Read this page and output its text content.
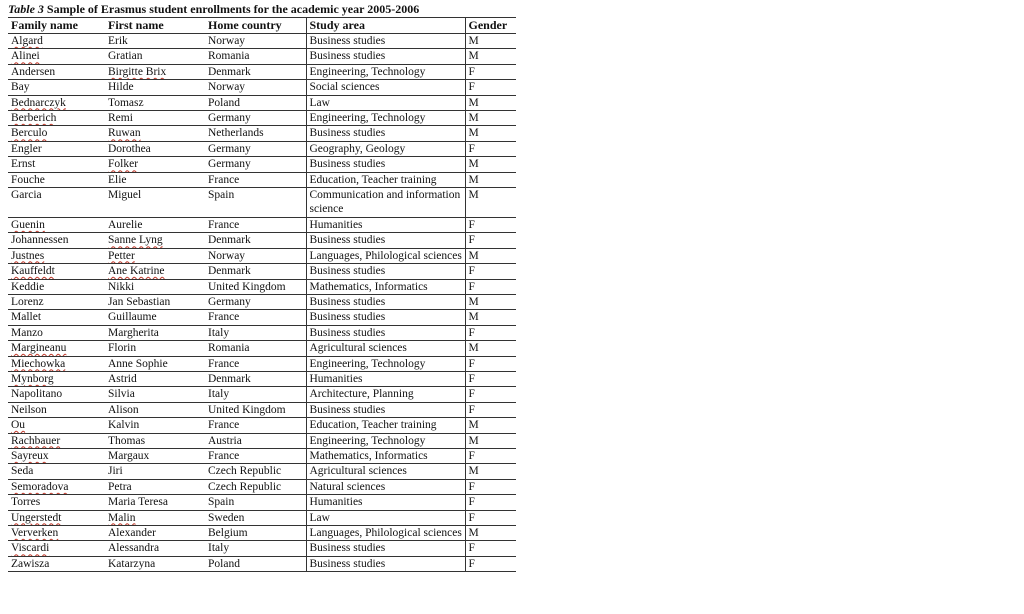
Table 3 Sample of Erasmus student enrollments for the academic year 2005-2006
Family name	First name	Home country	Study area	Gender
Algard	Erik	Norway	Business studies	M
Alinei	Gratian	Romania	Business studies	M
Andersen	Birgitte Brix	Denmark	Engineering, Technology	F
Bay	Hilde	Norway	Social sciences	F
Bednarczyk	Tomasz	Poland	Law	M
Berberich	Remi	Germany	Engineering, Technology	M
Berculo	Ruwan	Netherlands	Business studies	M
Engler	Dorothea	Germany	Geography, Geology	F
Ernst	Folker	Germany	Business studies	M
Fouche	Elie	France	Education, Teacher training	M
Garcia	Miguel	Spain	Communication and information science	M
Guenin	Aurelie	France	Humanities	F
Johannessen	Sanne Lyng	Denmark	Business studies	F
Justnes	Petter	Norway	Languages, Philological sciences	M
Kauffeldt	Ane Katrine	Denmark	Business studies	F
Keddie	Nikki	United Kingdom	Mathematics, Informatics	F
Lorenz	Jan Sebastian	Germany	Business studies	M
Mallet	Guillaume	France	Business studies	M
Manzo	Margherita	Italy	Business studies	F
Margineanu	Florin	Romania	Agricultural sciences	M
Miechowka	Anne Sophie	France	Engineering, Technology	F
Mynborg	Astrid	Denmark	Humanities	F
Napolitano	Silvia	Italy	Architecture, Planning	F
Neilson	Alison	United Kingdom	Business studies	F
Ou	Kalvin	France	Education, Teacher training	M
Rachbauer	Thomas	Austria	Engineering, Technology	M
Sayreux	Margaux	France	Mathematics, Informatics	F
Seda	Jiri	Czech Republic	Agricultural sciences	M
Semoradova	Petra	Czech Republic	Natural sciences	F
Torres	Maria Teresa	Spain	Humanities	F
Ungerstedt	Malin	Sweden	Law	F
Ververken	Alexander	Belgium	Languages, Philological sciences	M
Viscardi	Alessandra	Italy	Business studies	F
Zawisza	Katarzyna	Poland	Business studies	F
